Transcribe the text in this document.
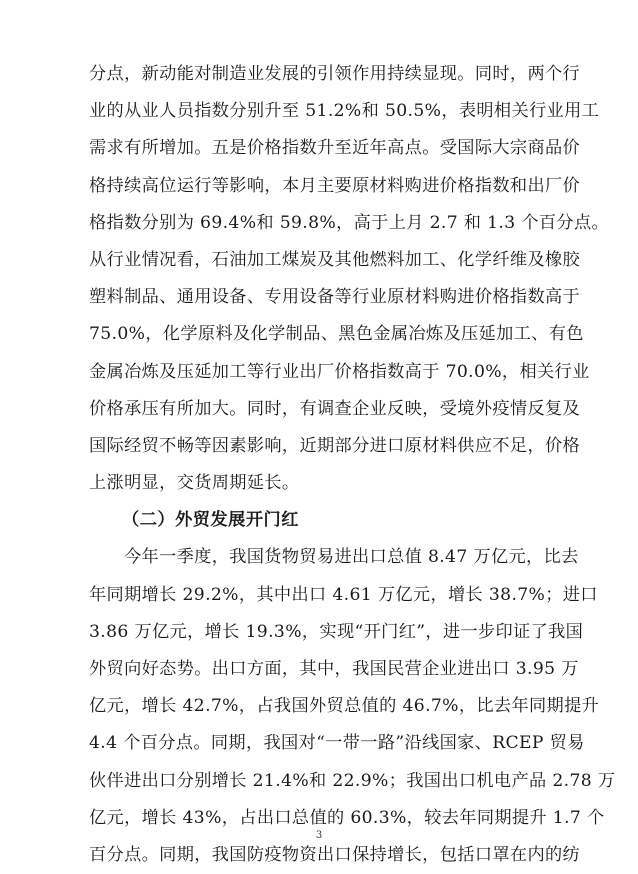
分点，新动能对制造业发展的引领作用持续显现。同时，两个行
业的从业人员指数分别升至 51.2%和 50.5%，表明相关行业用工
需求有所增加。五是价格指数升至近年高点。受国际大宗商品价
格持续高位运行等影响，本月主要原材料购进价格指数和出厂价
格指数分别为 69.4%和 59.8%，高于上月 2.7 和 1.3 个百分点。
从行业情况看，石油加工煤炭及其他燃料加工、化学纤维及橡胶
塑料制品、通用设备、专用设备等行业原材料购进价格指数高于
75.0%，化学原料及化学制品、黑色金属冶炼及压延加工、有色
金属冶炼及压延加工等行业出厂价格指数高于 70.0%，相关行业
价格承压有所加大。同时，有调查企业反映，受境外疫情反复及
国际经贸不畅等因素影响，近期部分进口原材料供应不足，价格
上涨明显，交货周期延长。
（二）外贸发展开门红
今年一季度，我国货物贸易进出口总值 8.47 万亿元，比去
年同期增长 29.2%，其中出口 4.61 万亿元，增长 38.7%；进口
3.86 万亿元，增长 19.3%，实现“开门红”，进一步印证了我国
外贸向好态势。出口方面，其中，我国民营企业进出口 3.95 万
亿元，增长 42.7%，占我国外贸总值的 46.7%，比去年同期提升
4.4 个百分点。同期，我国对“一带一路”沿线国家、RCEP 贸易
伙伴进出口分别增长 21.4%和 22.9%；我国出口机电产品 2.78 万
亿元，增长 43%，占出口总值的 60.3%，较去年同期提升 1.7 个
百分点。同期，我国防疫物资出口保持增长，包括口罩在内的纺
3
